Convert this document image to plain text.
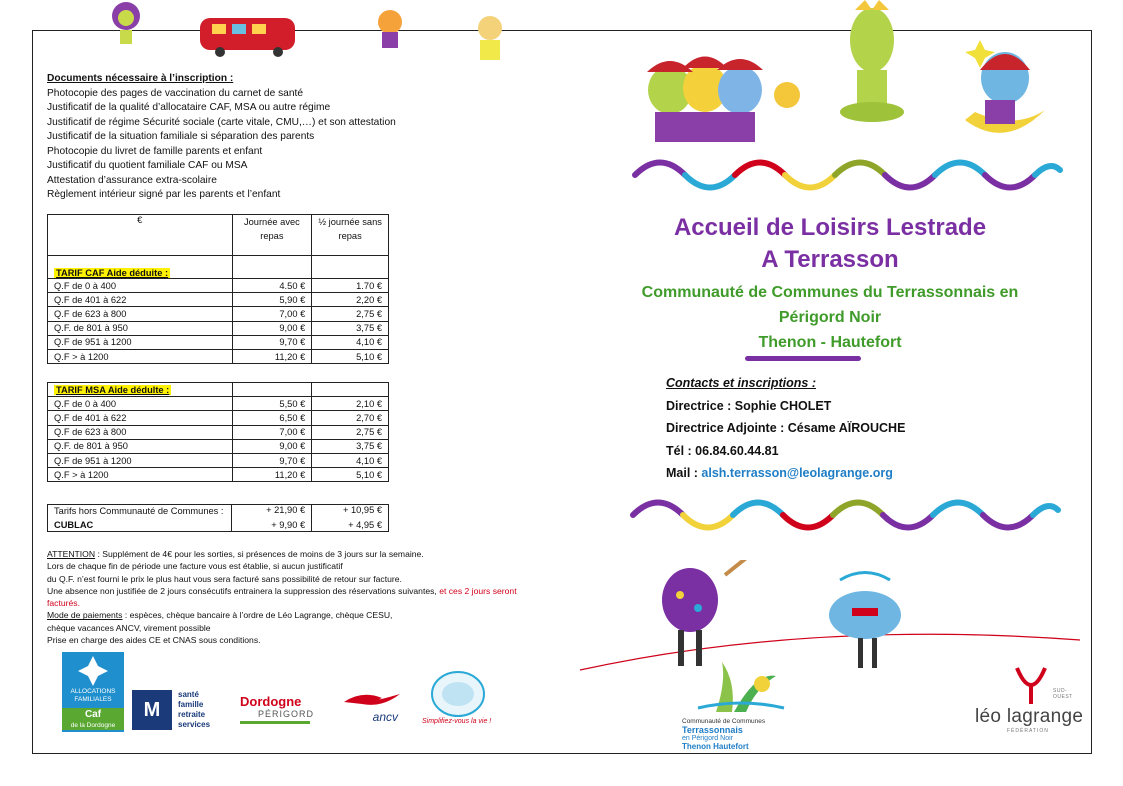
Documents nécessaire à l’inscription :
Photocopie des pages de vaccination du carnet de santé
Justificatif de la qualité d’allocataire CAF, MSA ou autre régime
Justificatif de régime Sécurité sociale (carte vitale, CMU,…) et son attestation
Justificatif de la situation familiale si séparation des parents
Photocopie du livret de famille parents et enfant
Justificatif du quotient familiale CAF ou MSA
Attestation d’assurance extra-scolaire
Règlement intérieur signé par les parents et l’enfant
€	Journée avec repas	½ journée sans repas
TARIF CAF Aide déduite :		
Q.F de 0 à 400	4.50 €	1.70 €
Q.F de 401 à 622	5,90 €	2,20 €
Q.F de 623 à 800	7,00 €	2,75 €
Q.F. de 801 à 950	9,00 €	3,75 €
Q.F de 951 à 1200	9,70 €	4,10 €
Q.F > à 1200	11,20 €	5,10 €
TARIF MSA Aide dédulte :		
Q.F de 0 à 400	5,50 €	2,10 €
Q.F de 401 à 622	6,50 €	2,70 €
Q.F de 623 à 800	7,00 €	2,75 €
Q.F. de 801 à 950	9,00 €	3,75 €
Q.F de 951 à 1200	9,70 €	4,10 €
Q.F > à 1200	11,20 €	5,10 €
Tarifs hors Communauté de Communes :	+ 21,90 €	+ 10,95 €
CUBLAC	+ 9,90 €	+ 4,95 €
ATTENTION : Supplément de 4€ pour les sorties, si présences de moins de 3 jours sur la semaine.
Lors de chaque fin de période une facture vous est établie, si aucun justificatif
du Q.F. n’est fourni le prix le plus haut vous sera facturé sans possibilité de retour sur facture.
Une absence non justifiée de 2 jours consécutifs entrainera la suppression des réservations suivantes, et ces 2 jours seront facturés.
Mode de paiements : espèces, chèque bancaire à l’ordre de Léo Lagrange, chèque CESU,
chèque vacances ANCV, virement possible
Prise en charge des aides CE et CNAS sous conditions.
Accueil de Loisirs Lestrade
A Terrasson
Communauté de Communes du Terrassonnais en
Périgord Noir
Thenon - Hautefort
Contacts et inscriptions :
Directrice : Sophie CHOLET
Directrice Adjointe : Césame AÏROUCHE
Tél : 06.84.60.44.81
Mail : alsh.terrasson@leolagrange.org
ALLOCATIONS
FAMILIALES
Caf
de la Dordogne
M
santé
famille
retraite
services
Dordogne
PÉRIGORD	ancv	Simplifiez-vous la vie !	Communauté de Communes
Terrassonnais
en Périgord Noir
Thenon Hautefort
SUD-OUEST
léo lagrange
FÉDÉRATION
